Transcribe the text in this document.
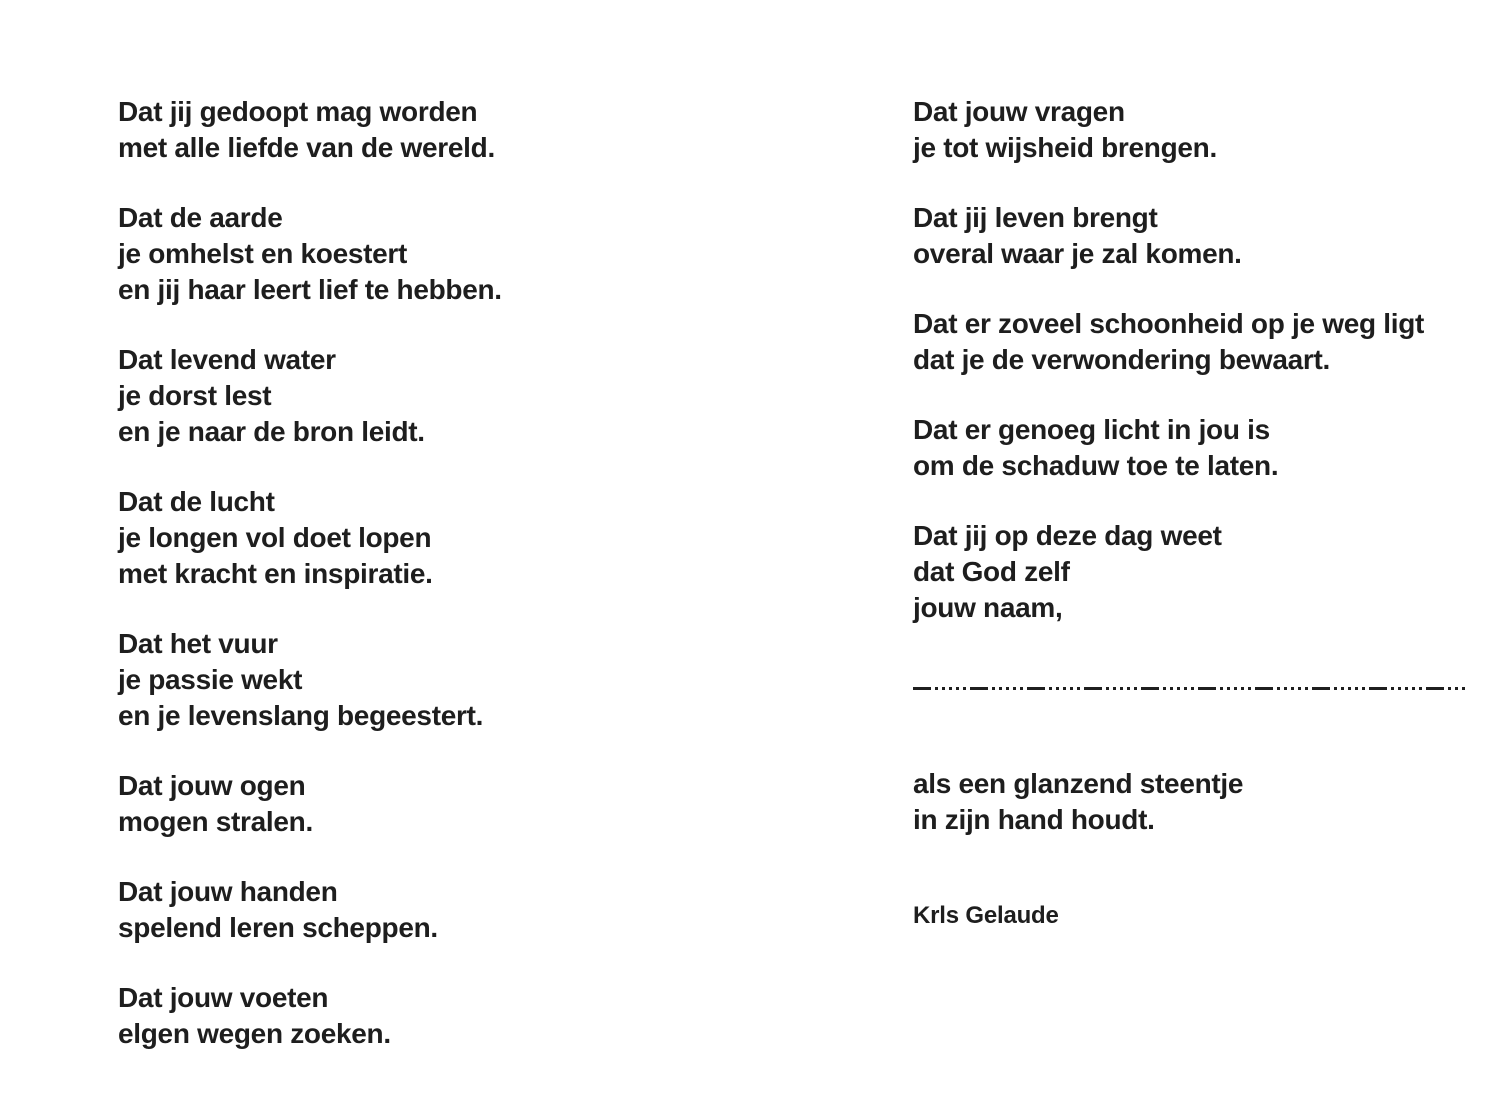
Dat jij gedoopt mag worden
met alle liefde van de wereld.

Dat de aarde
je omhelst en koestert
en jij haar leert lief te hebben.

Dat levend water
je dorst lest
en je naar de bron leidt.

Dat de lucht
je longen vol doet lopen
met kracht en inspiratie.

Dat het vuur
je passie wekt
en je levenslang begeestert.

Dat jouw ogen
mogen stralen.

Dat jouw handen
spelend leren scheppen.

Dat jouw voeten
elgen wegen zoeken.

Dat jouw vragen
je tot wijsheid brengen.

Dat jij leven brengt
overal waar je zal komen.

Dat er zoveel schoonheid op je weg ligt
dat je de verwondering bewaart.

Dat er genoeg licht in jou is
om de schaduw toe te laten.

Dat jij op deze dag weet
dat God zelf
jouw naam,

als een glanzend steentje
in zijn hand houdt.

Krls Gelaude
